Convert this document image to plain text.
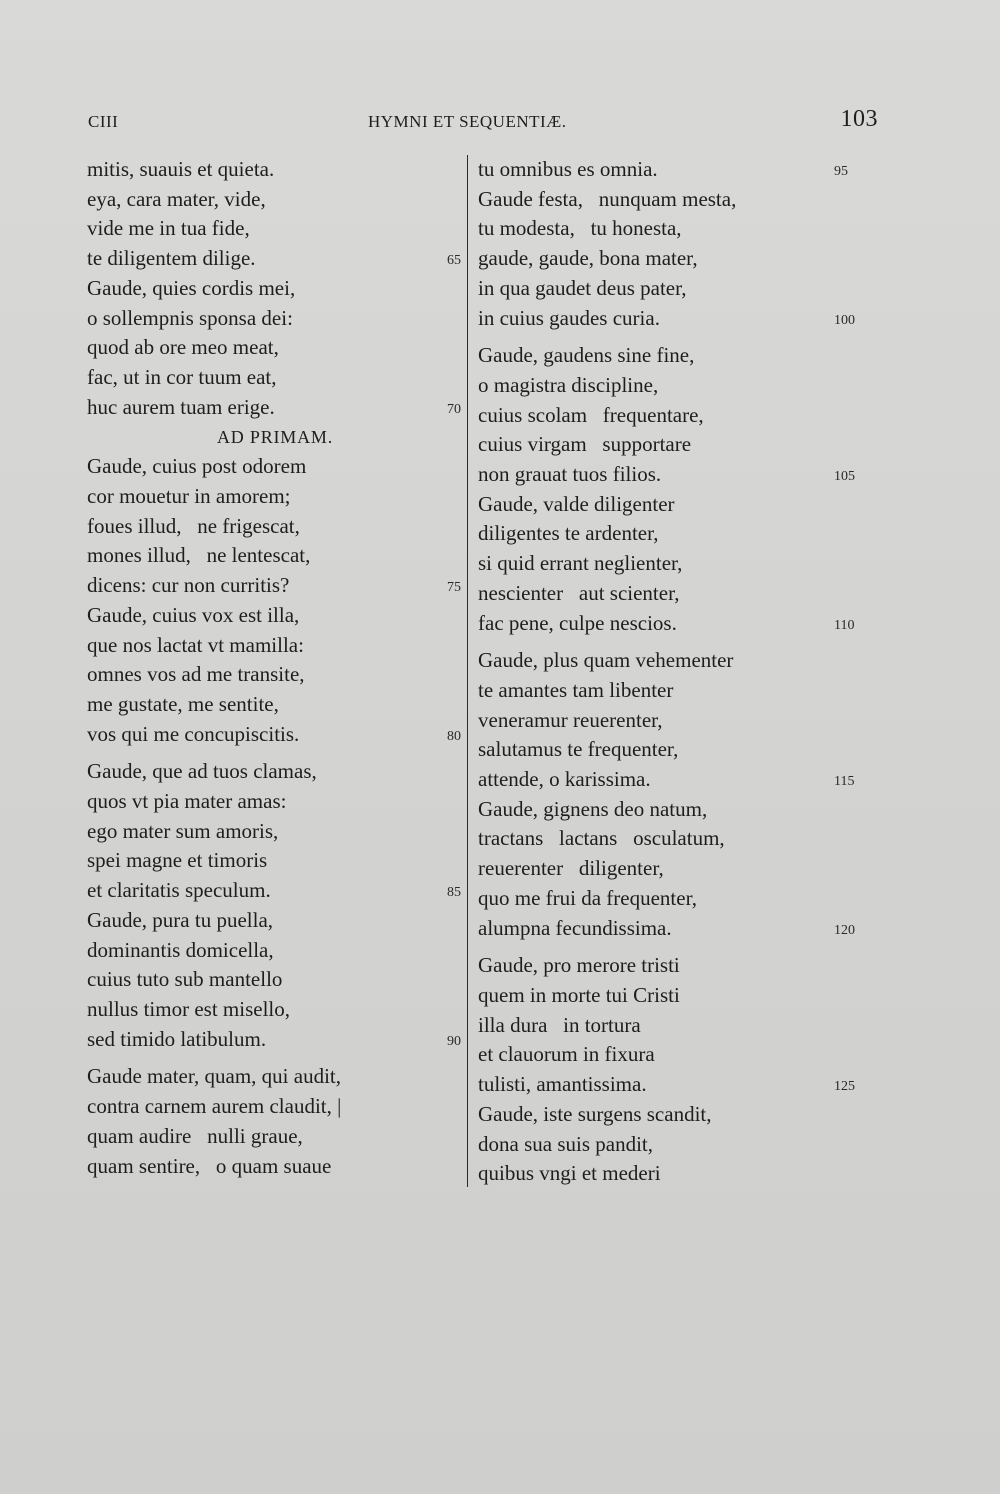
CIII	HYMNI ET SEQUENTIÆ.	103
mitis, suauis et quieta.
eya, cara mater, vide,
vide me in tua fide,
te diligentem dilige.	65
Gaude, quies cordis mei,
o sollempnis sponsa dei:
quod ab ore meo meat,
fac, ut in cor tuum eat,
huc aurem tuam erige.	70
AD PRIMAM.
Gaude, cuius post odorem
cor mouetur in amorem;
foues illud,   ne frigescat,
mones illud,   ne lentescat,
dicens: cur non curritis?	75
Gaude, cuius vox est illa,
que nos lactat vt mamilla:
omnes vos ad me transite,
me gustate, me sentite,
vos qui me concupiscitis.	80
Gaude, que ad tuos clamas,
quos vt pia mater amas:
ego mater sum amoris,
spei magne et timoris
et claritatis speculum.	85
Gaude, pura tu puella,
dominantis domicella,
cuius tuto sub mantello
nullus timor est misello,
sed timido latibulum.	90
Gaude mater, quam, qui audit,
contra carnem aurem claudit, |
quam audire   nulli graue,
quam sentire,   o quam suaue
tu omnibus es omnia.	95
Gaude festa,   nunquam mesta,
tu modesta,   tu honesta,
gaude, gaude, bona mater,
in qua gaudet deus pater,
in cuius gaudes curia.	100
Gaude, gaudens sine fine,
o magistra discipline,
cuius scolam   frequentare,
cuius virgam   supportare
non grauat tuos filios.	105
Gaude, valde diligenter
diligentes te ardenter,
si quid errant neglienter,
nescienter   aut scienter,
fac pene, culpe nescios.	110
Gaude, plus quam vehementer
te amantes tam libenter
veneramur reuerenter,
salutamus te frequenter,
attende, o karissima.	115
Gaude, gignens deo natum,
tractans   lactans   osculatum,
reuerenter   diligenter,
quo me frui da frequenter,
alumpna fecundissima.	120
Gaude, pro merore tristi
quem in morte tui Cristi
illa dura   in tortura
et clauorum in fixura
tulisti, amantissima.	125
Gaude, iste surgens scandit,
dona sua suis pandit,
quibus vngi et mederi
